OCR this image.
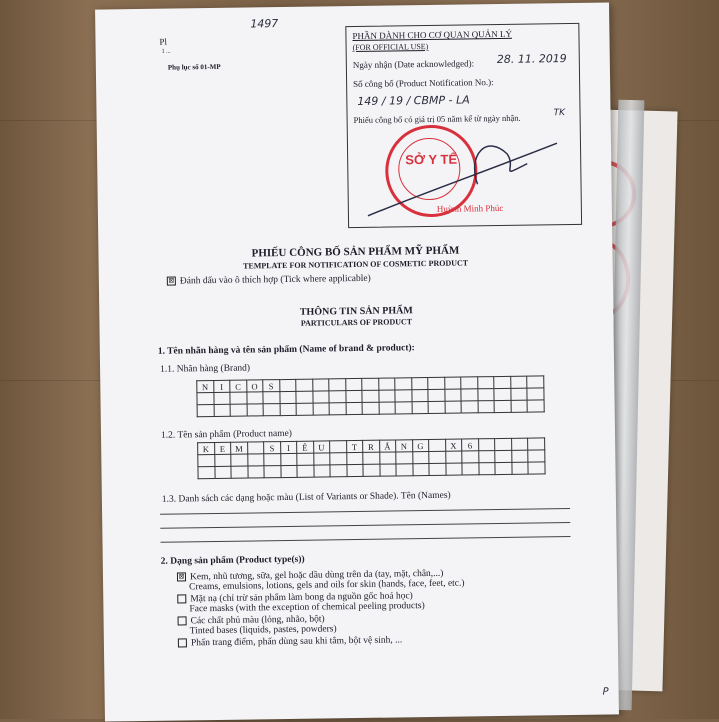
1497
Pl
1 ...
Phụ lục số 01-MP
PHẦN DÀNH CHO CƠ QUAN QUẢN LÝ
(FOR OFFICIAL USE)
Ngày nhận (Date acknowledged): 28. 11. 2019
Số công bố (Product Notification No.):
149 / 19 / CBMP - LA
Phiếu công bố có giá trị 05 năm kể từ ngày nhận.	TK
Huỳnh Minh Phúc
SỞ Y TẾ
PHIẾU CÔNG BỐ SẢN PHẨM MỸ PHẨM
TEMPLATE FOR NOTIFICATION OF COSMETIC PRODUCT
⊠ Đánh dấu vào ô thích hợp (Tick where applicable)
THÔNG TIN SẢN PHẨM
PARTICULARS OF PRODUCT
1. Tên nhãn hàng và tên sản phẩm (Name of brand & product):
1.1. Nhãn hàng (Brand)
N	I	C	O	S																

1.2. Tên sản phẩm (Product name)
K	E	M		S	I	Ê	U		T	R	Ắ	N	G		X	6				

1.3. Danh sách các dạng hoặc màu (List of Variants or Shade). Tên (Names)
2. Dạng sản phẩm (Product type(s))
⊠ Kem, nhũ tương, sữa, gel hoặc dầu dùng trên da (tay, mặt, chân,...)
Creams, emulsions, lotions, gels and oils for skin (hands, face, feet, etc.)
Mặt nạ (chỉ trừ sản phẩm làm bong da nguồn gốc hoá học)
Face masks (with the exception of chemical peeling products)
Các chất phủ màu (lỏng, nhão, bột)
Tinted bases (liquids, pastes, powders)
Phấn trang điểm, phấn dùng sau khi tắm, bột vệ sinh, ...
P
